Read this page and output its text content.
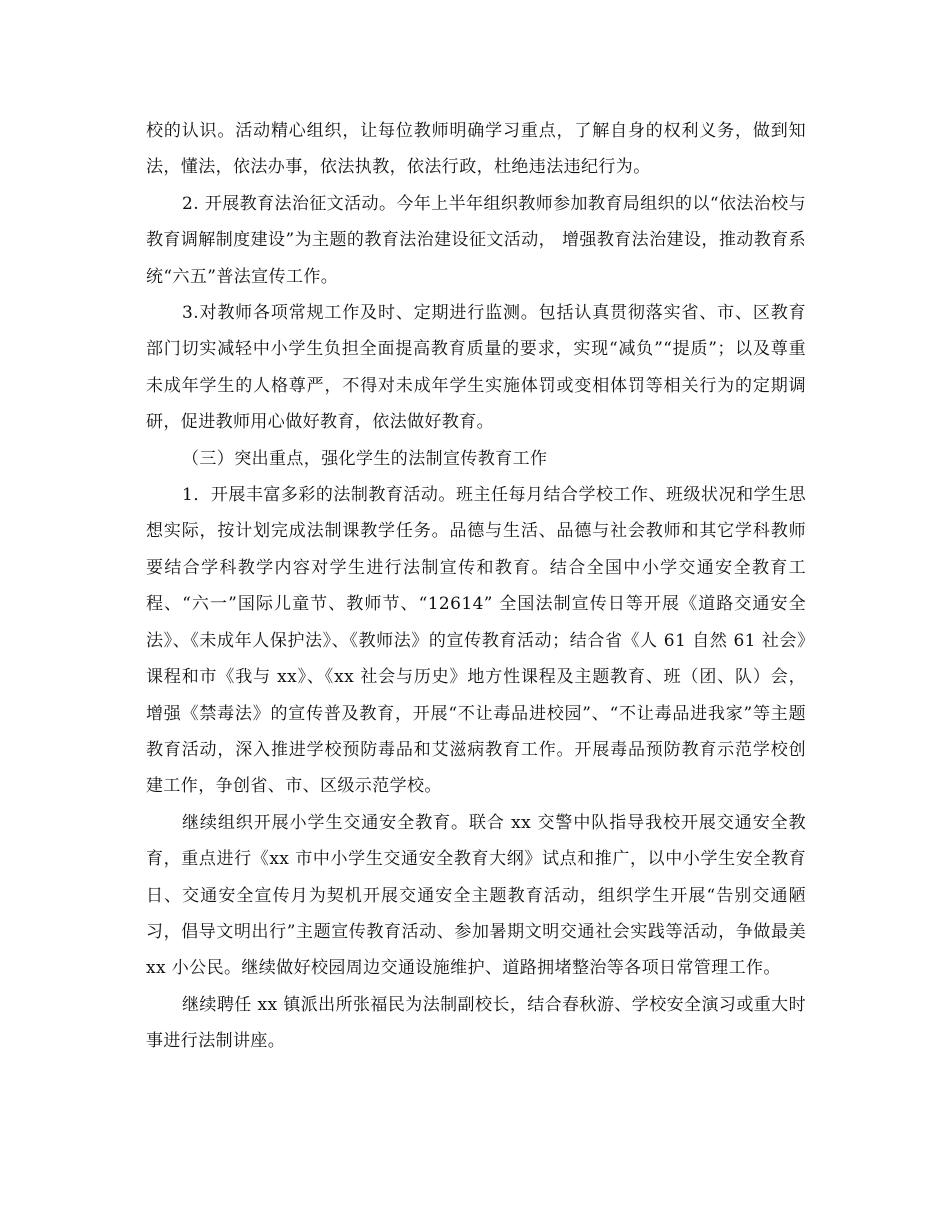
校的认识。活动精心组织，让每位教师明确学习重点，了解自身的权利义务，做到知法，懂法，依法办事，依法执教，依法行政，杜绝违法违纪行为。

2. 开展教育法治征文活动。今年上半年组织教师参加教育局组织的以“依法治校与教育调解制度建设”为主题的教育法治建设征文活动， 增强教育法治建设，推动教育系统“六五”普法宣传工作。

3.对教师各项常规工作及时、定期进行监测。包括认真贯彻落实省、市、区教育部门切实减轻中小学生负担全面提高教育质量的要求，实现“减负”“提质”；以及尊重未成年学生的人格尊严，不得对未成年学生实施体罚或变相体罚等相关行为的定期调研，促进教师用心做好教育，依法做好教育。

（三）突出重点，强化学生的法制宣传教育工作

1．开展丰富多彩的法制教育活动。班主任每月结合学校工作、班级状况和学生思想实际，按计划完成法制课教学任务。品德与生活、品德与社会教师和其它学科教师要结合学科教学内容对学生进行法制宣传和教育。结合全国中小学交通安全教育工程、“六一”国际儿童节、教师节、“12614” 全国法制宣传日等开展《道路交通安全法》、《未成年人保护法》、《教师法》的宣传教育活动；结合省《人 61 自然 61 社会》课程和市《我与 xx》、《xx 社会与历史》地方性课程及主题教育、班（团、队）会， 增强《禁毒法》的宣传普及教育，开展“不让毒品进校园”、“不让毒品进我家”等主题教育活动，深入推进学校预防毒品和艾滋病教育工作。开展毒品预防教育示范学校创建工作，争创省、市、区级示范学校。

继续组织开展小学生交通安全教育。联合 xx 交警中队指导我校开展交通安全教育，重点进行《xx 市中小学生交通安全教育大纲》试点和推广，以中小学生安全教育日、交通安全宣传月为契机开展交通安全主题教育活动，组织学生开展“告别交通陋习，倡导文明出行”主题宣传教育活动、参加暑期文明交通社会实践等活动，争做最美 xx 小公民。继续做好校园周边交通设施维护、道路拥堵整治等各项日常管理工作。

继续聘任 xx 镇派出所张福民为法制副校长，结合春秋游、学校安全演习或重大时事进行法制讲座。
